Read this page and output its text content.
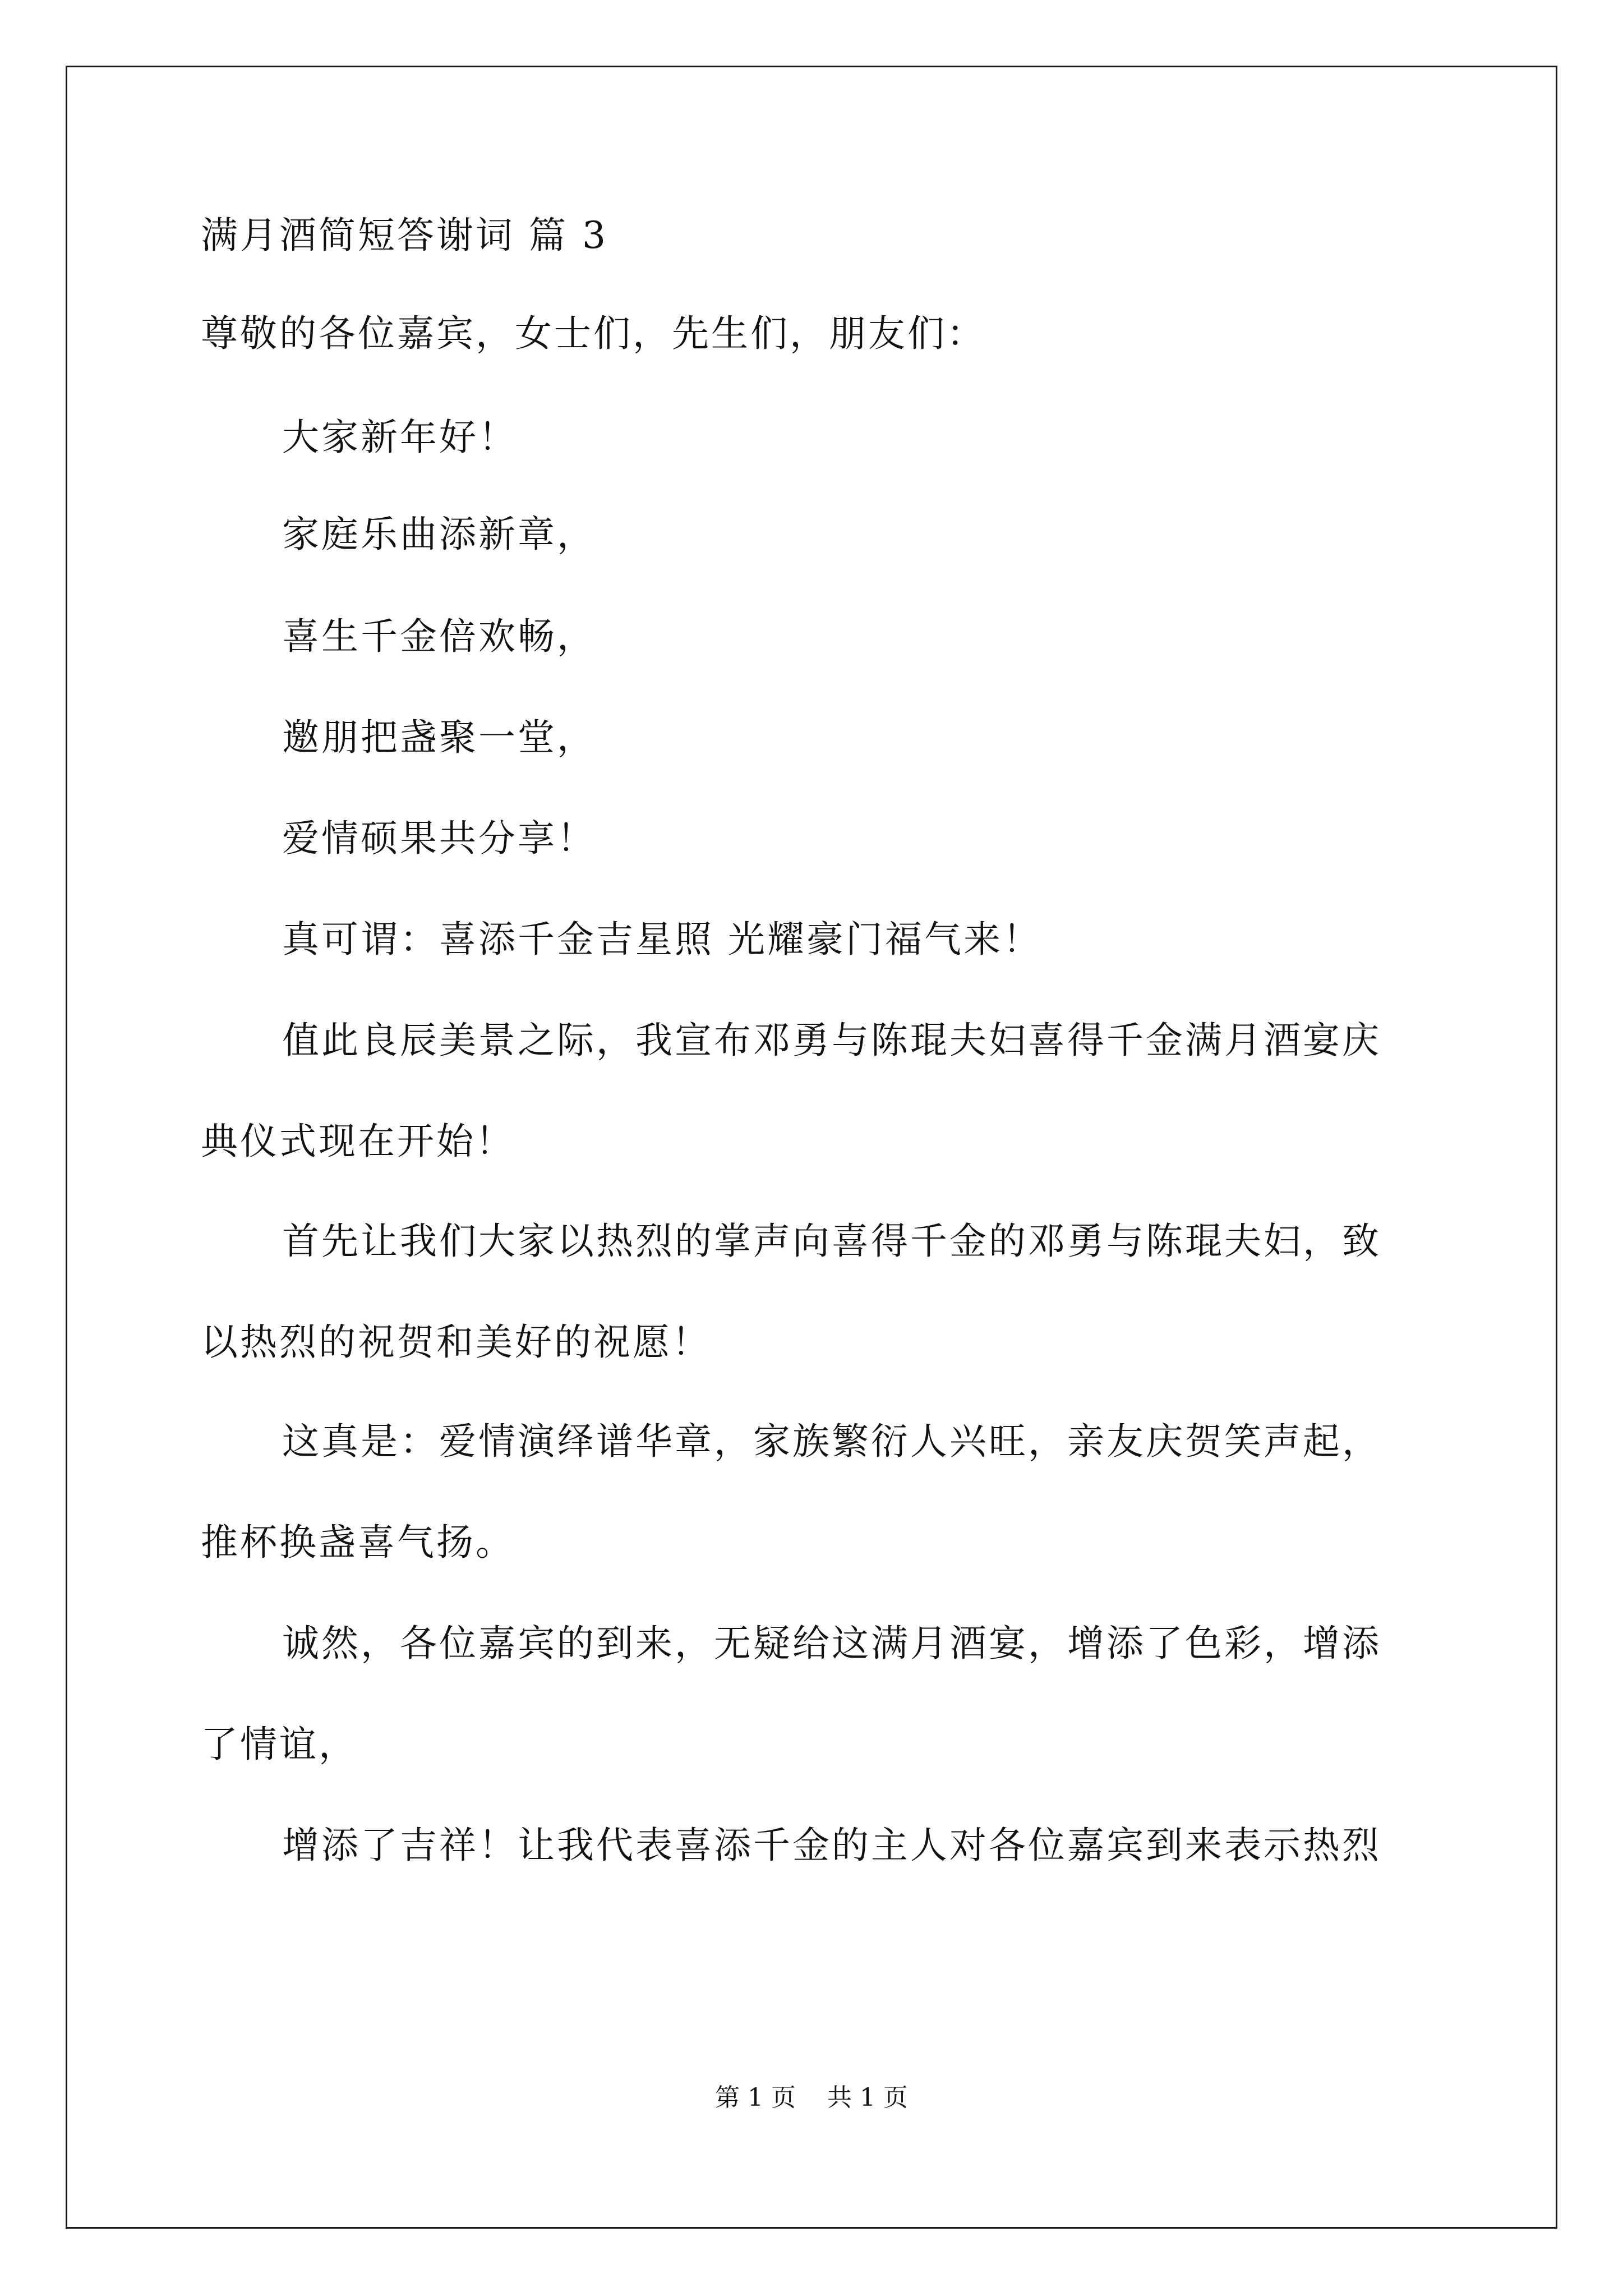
满月酒简短答谢词 篇 3
尊敬的各位嘉宾，女士们，先生们，朋友们：
大家新年好！
家庭乐曲添新章，
喜生千金倍欢畅，
邀朋把盏聚一堂，
爱情硕果共分享！
真可谓：喜添千金吉星照 光耀豪门福气来！
值此良辰美景之际，我宣布邓勇与陈琨夫妇喜得千金满月酒宴庆
典仪式现在开始！
首先让我们大家以热烈的掌声向喜得千金的邓勇与陈琨夫妇，致
以热烈的祝贺和美好的祝愿！
这真是：爱情演绎谱华章，家族繁衍人兴旺，亲友庆贺笑声起，
推杯换盏喜气扬。
诚然，各位嘉宾的到来，无疑给这满月酒宴，增添了色彩，增添
了情谊，
增添了吉祥！让我代表喜添千金的主人对各位嘉宾到来表示热烈
第 1 页    共 1 页
